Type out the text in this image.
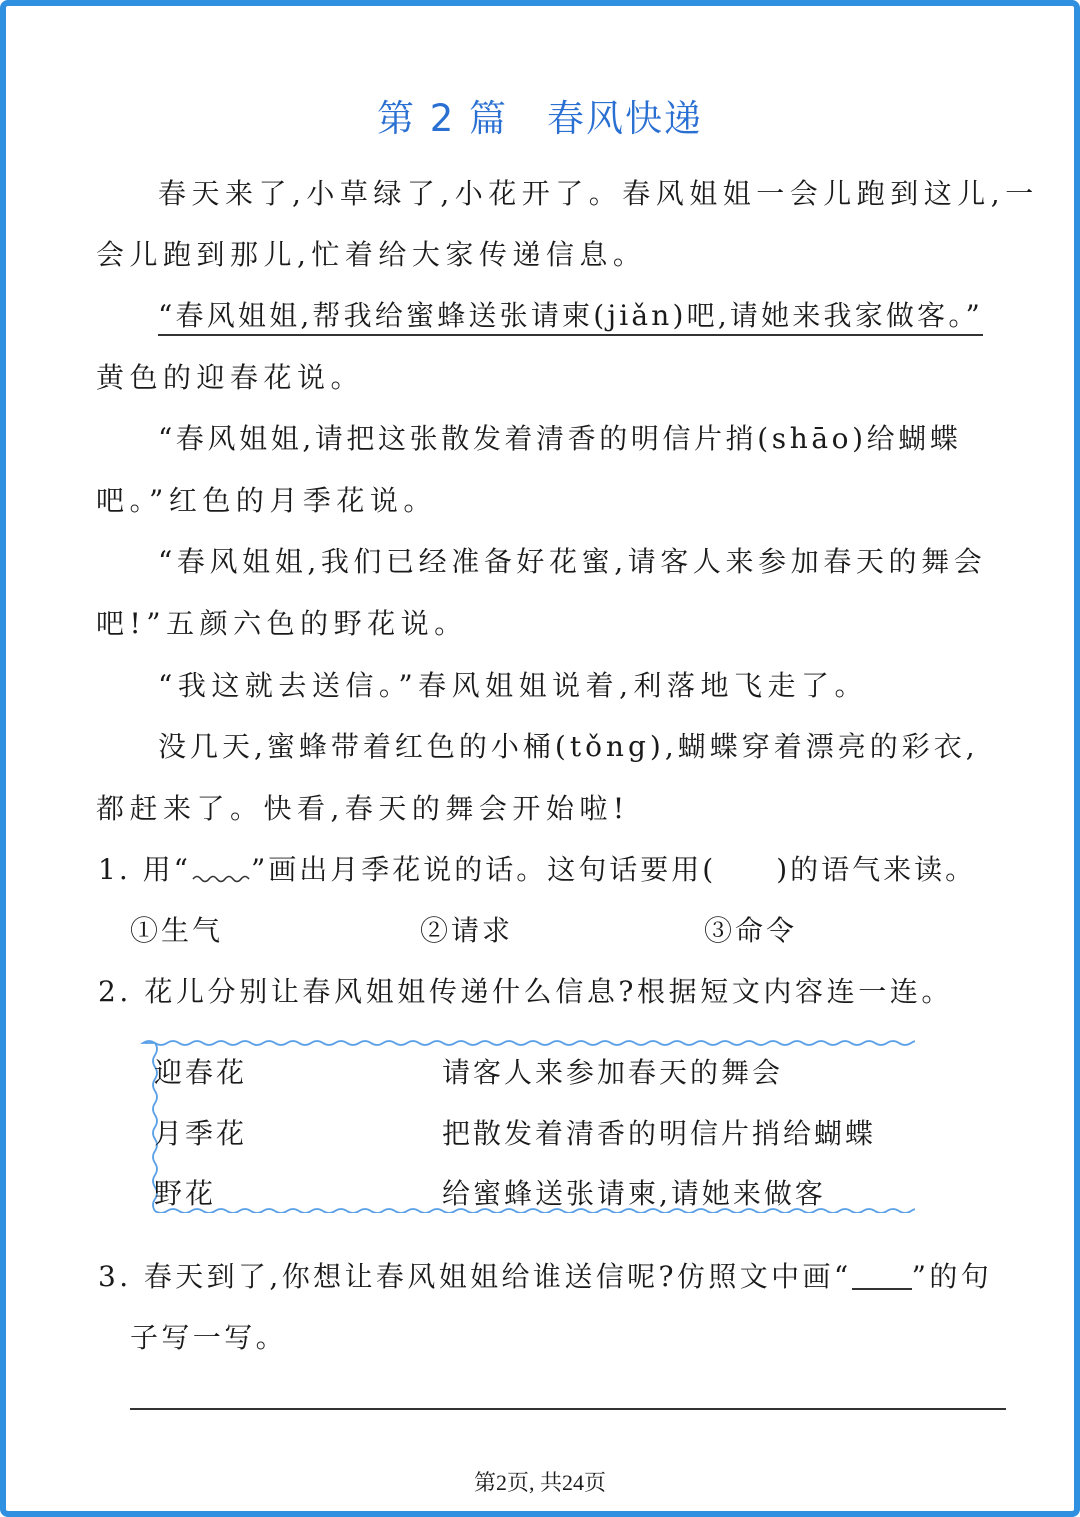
第 2 篇　春风快递
春天来了,小草绿了,小花开了。春风姐姐一会儿跑到这儿,一
会儿跑到那儿,忙着给大家传递信息。
“春风姐姐,帮我给蜜蜂送张请柬(jiǎn)吧,请她来我家做客。”
黄色的迎春花说。
“春风姐姐,请把这张散发着清香的明信片捎(shāo)给蝴蝶
吧。”红色的月季花说。
“春风姐姐,我们已经准备好花蜜,请客人来参加春天的舞会
吧!”五颜六色的野花说。
“我这就去送信。”春风姐姐说着,利落地飞走了。
没几天,蜜蜂带着红色的小桶(tǒng),蝴蝶穿着漂亮的彩衣,
都赶来了。快看,春天的舞会开始啦!
1. 用“ ”画出月季花说的话。这句话要用( )的语气来读。
①生气	②请求	③命令
2. 花儿分别让春风姐姐传递什么信息?根据短文内容连一连。
迎春花
月季花
野花
请客人来参加春天的舞会
把散发着清香的明信片捎给蝴蝶
给蜜蜂送张请柬,请她来做客
3. 春天到了,你想让春风姐姐给谁送信呢?仿照文中画“ ”的句
子写一写。
第2页, 共24页
